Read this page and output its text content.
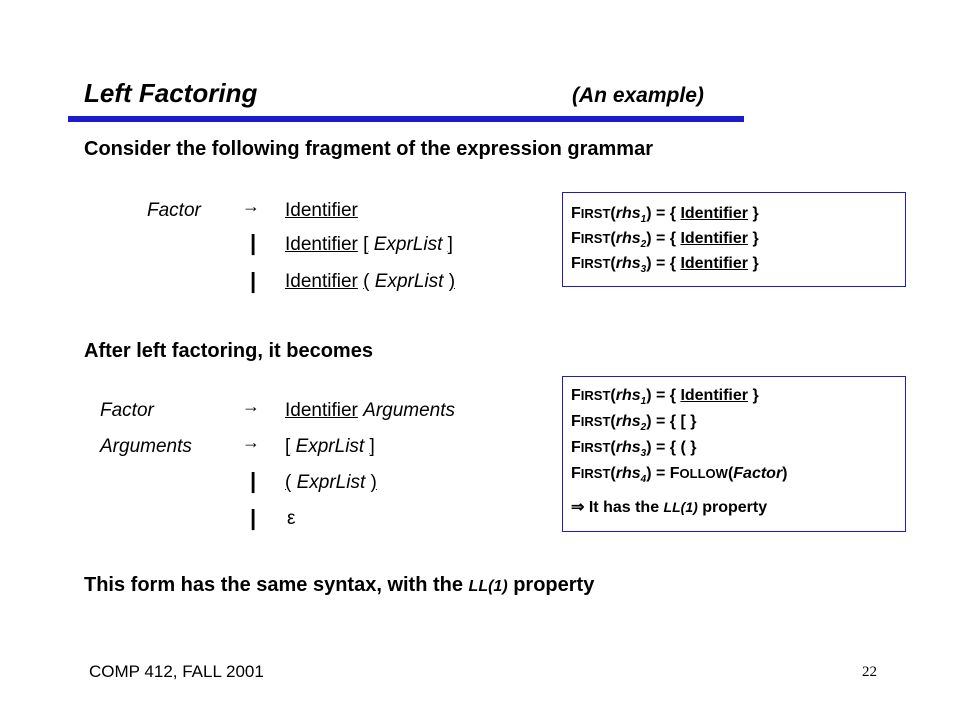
Left Factoring	(An example)
Consider the following fragment of the expression grammar
Factor → Identifier
| Identifier [ ExprList ]
| Identifier ( ExprList )
FIRST(rhs$_1$) = { Identifier }
FIRST(rhs$_2$) = { Identifier }
FIRST(rhs$_3$) = { Identifier }
After left factoring, it becomes
Factor	→ Identifier Arguments
Arguments	→ [ ExprList ]
| ( ExprList )
| ε
FIRST(rhs$_1$) = { Identifier }
FIRST(rhs$_2$) = { [ }
FIRST(rhs$_3$) = { ( }
FIRST(rhs$_4$) = FOLLOW(Factor)
⇒ It has the LL(1) property
This form has the same syntax, with the LL(1) property
COMP 412, FALL 2001	22
